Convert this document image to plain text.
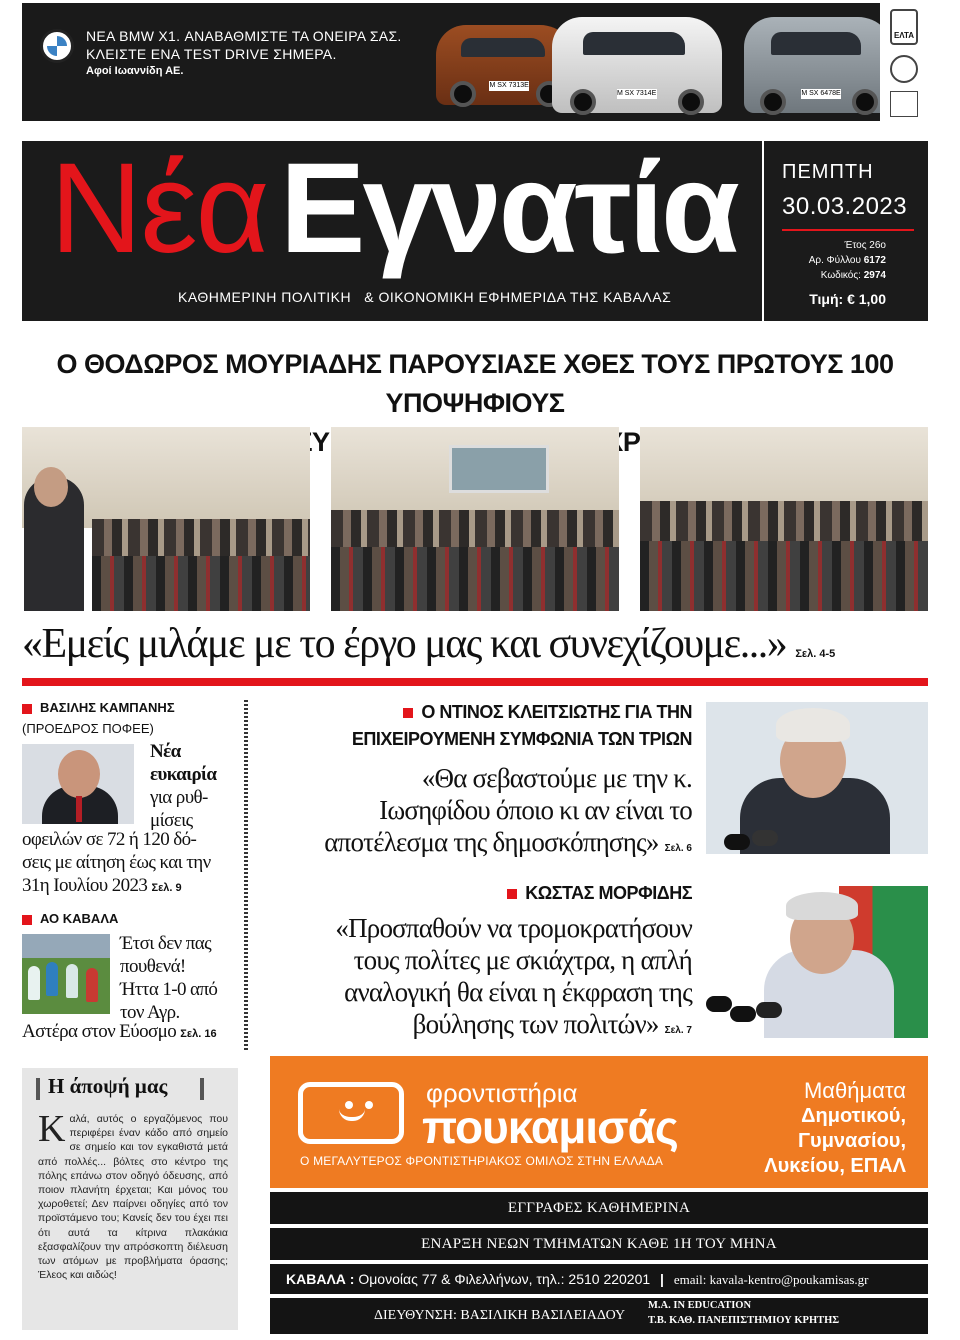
ΝΕΑ BMW X1. ΑΝΑΒΑΘΜΙΣΤΕ ΤΑ ΟΝΕΙΡΑ ΣΑΣ.
ΚΛΕΙΣΤΕ ΕΝΑ TEST DRIVE ΣΗΜΕΡΑ.
Αφοί Ιωαννίδη ΑΕ.
M SX 7313E
M SX 7314E	M SX 6478E
ΕΛΤΑ
Νέα Εγνατία
ΚΑΘΗΜΕΡΙΝΗ ΠΟΛΙΤΙΚΗ   & ΟΙΚΟΝΟΜΙΚΗ ΕΦΗΜΕΡΙΔΑ ΤΗΣ ΚΑΒΑΛΑΣ
ΠΕΜΠΤΗ
30.03.2023
Έτος 26ο
Αρ. Φύλλου 6172
Κωδικός: 2974
Τιμή: € 1,00
Ο ΘΟΔΩΡΟΣ ΜΟΥΡΙΑΔΗΣ ΠΑΡΟΥΣΙΑΣΕ ΧΘΕΣ ΤΟΥΣ ΠΡΩΤΟΥΣ 100 ΥΠΟΨΗΦΙΟΥΣ
«ΣΥΓΧΡΟΝΟΥ
«Εμείς μιλάμε με το έργο μας και συνεχίζουμε...» Σελ. 4-5
ΒΑΣΙΛΗΣ ΚΑΜΠΑΝΗΣ
(ΠΡΟΕΔΡΟΣ ΠΟΦΕΕ)
Νέα
ευκαιρία
για ρυθ-
μίσεις
οφειλών σε 72 ή 120 δό-
σεις με αίτηση έως και την
31η Ιουλίου 2023 Σελ. 9
ΑΟ ΚΑΒΑΛΑ
Έτσι δεν πας
πουθενά!
Ήττα 1-0 από
τον Αγρ.
Αστέρα στον Εύοσμο Σελ. 16
Η άποψή μας
Καλά, αυτός ο εργαζόμενος που περιφέρει έναν κάδο από σημείο σε σημείο και τον εγκαθιστά μετά από πολλές... βόλτες στο κέντρο της πόλης επάνω στον οδηγό όδευσης, από ποιον πλανήτη έρχεται; Και μόνος του χωροθετεί; Δεν παίρνει οδηγίες από τον προϊστάμενο του; Κανείς δεν του έχει πει ότι αυτά τα κίτρινα πλακάκια εξασφαλίζουν την απρόσκοπτη διέλευση των ατόμων με προβλήματα όρασης; Έλεος και αιδώς!
Ο ΝΤΙΝΟΣ ΚΛΕΙΤΣΙΩΤΗΣ ΓΙΑ ΤΗΝ
ΕΠΙΧΕΙΡΟΥΜΕΝΗ ΣΥΜΦΩΝΙΑ ΤΩΝ ΤΡΙΩΝ
«Θα σεβαστούμε με την κ.
Ιωσηφίδου όποιο κι αν είναι το
αποτέλεσμα της δημοσκόπησης» Σελ. 6
ΚΩΣΤΑΣ ΜΟΡΦΙΔΗΣ
«Προσπαθούν να τρομοκρατήσουν
τους πολίτες με σκιάχτρα, η απλή
αναλογική θα είναι η έκφραση της
βούλησης των πολιτών» Σελ. 7
φροντιστήρια
πουκαμισάς
Ο ΜΕΓΑΛΥΤΕΡΟΣ ΦΡΟΝΤΙΣΤΗΡΙΑΚΟΣ ΟΜΙΛΟΣ ΣΤΗΝ ΕΛΛΑΔΑ
Μαθήματα
Δημοτικού,
Γυμνασίου,
Λυκείου, ΕΠΑΛ
ΕΓΓΡΑΦΕΣ ΚΑΘΗΜΕΡΙΝΑ
ΕΝΑΡΞΗ ΝΕΩΝ ΤΜΗΜΑΤΩΝ ΚΑΘΕ 1Η ΤΟΥ ΜΗΝΑ
ΚΑΒΑΛΑ : Ομονοίας 77 & Φιλελλήνων, τηλ.: 2510 220201 | email: kavala-kentro@poukamisas.gr
ΔΙΕΥΘΥΝΣΗ: ΒΑΣΙΛΙΚΗ ΒΑΣΙΛΕΙΑΔΟΥ
M.A. IN EDUCATION
Τ.Β. ΚΑΘ. ΠΑΝΕΠΙΣΤΗΜΙΟΥ ΚΡΗΤΗΣ
